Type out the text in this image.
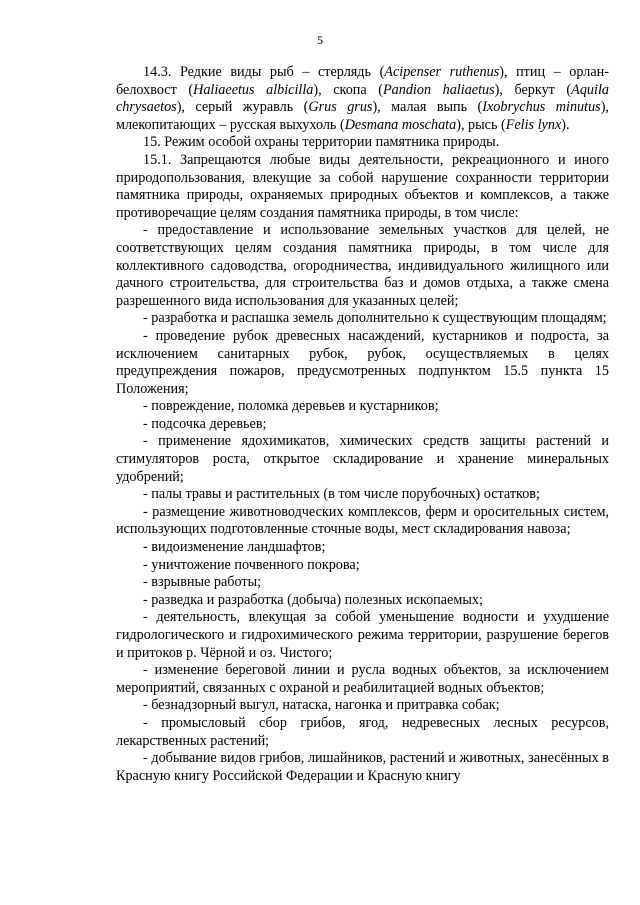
5

14.3. Редкие виды рыб – стерлядь (Acipenser ruthenus), птиц – орлан-белохвост (Haliaeetus albicilla), скопа (Pandion haliaetus), беркут (Aquila chrysaetos), серый журавль (Grus grus), малая выпь (Ixobrychus minutus), млекопитающих – русская выхухоль (Desmana moschata), рысь (Felis lynx).

15. Режим особой охраны территории памятника природы.

15.1. Запрещаются любые виды деятельности, рекреационного и иного природопользования, влекущие за собой нарушение сохранности территории памятника природы, охраняемых природных объектов и комплексов, а также противоречащие целям создания памятника природы, в том числе:

- предоставление и использование земельных участков для целей, не соответствующих целям создания памятника природы, в том числе для коллективного садоводства, огородничества, индивидуального жилищного или дачного строительства, для строительства баз и домов отдыха, а также смена разрешенного вида использования для указанных целей;

- разработка и распашка земель дополнительно к существующим площадям;

- проведение рубок древесных насаждений, кустарников и подроста, за исключением санитарных рубок, рубок, осуществляемых в целях предупреждения пожаров, предусмотренных подпунктом 15.5 пункта 15 Положения;

- повреждение, поломка деревьев и кустарников;

- подсочка деревьев;

- применение ядохимикатов, химических средств защиты растений и стимуляторов роста, открытое складирование и хранение минеральных удобрений;

- палы травы и растительных (в том числе порубочных) остатков;

- размещение животноводческих комплексов, ферм и оросительных систем, использующих подготовленные сточные воды, мест складирования навоза;

- видоизменение ландшафтов;

- уничтожение почвенного покрова;

- взрывные работы;

- разведка и разработка (добыча) полезных ископаемых;

- деятельность, влекущая за собой уменьшение водности и ухудшение гидрологического и гидрохимического режима территории, разрушение берегов и притоков р. Чёрной и оз. Чистого;

- изменение береговой линии и русла водных объектов, за исключением мероприятий, связанных с охраной и реабилитацией водных объектов;

- безнадзорный выгул, натаска, нагонка и притравка собак;

- промысловый сбор грибов, ягод, недревесных лесных ресурсов, лекарственных растений;

- добывание видов грибов, лишайников, растений и животных, занесённых в Красную книгу Российской Федерации и Красную книгу
